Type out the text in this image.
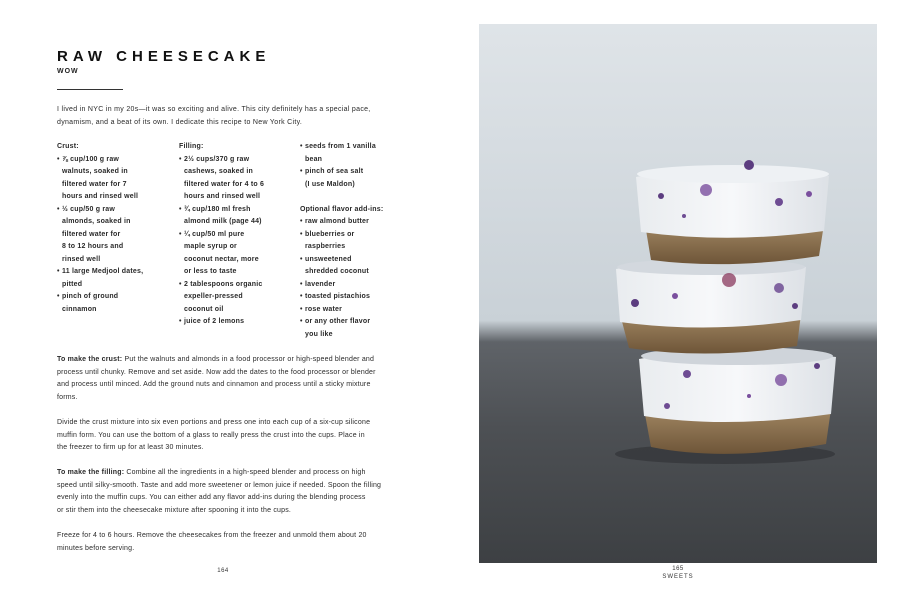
RAW CHEESECAKE
WOW
I lived in NYC in my 20s—it was so exciting and alive. This city definitely has a special pace,
dynamism, and a beat of its own. I dedicate this recipe to New York City.
Crust:
• ⅞ cup/100 g raw
walnuts, soaked in
filtered water for 7
hours and rinsed well
• ½ cup/50 g raw
almonds, soaked in
filtered water for
8 to 12 hours and
rinsed well
• 11 large Medjool dates,
pitted
• pinch of ground
cinnamon
Filling:
• 2½ cups/370 g raw
cashews, soaked in
filtered water for 4 to 6
hours and rinsed well
• ¾ cup/180 ml fresh
almond milk (page 44)
• ¼ cup/50 ml pure
maple syrup or
coconut nectar, more
or less to taste
• 2 tablespoons organic
expeller-pressed
coconut oil
• juice of 2 lemons
• seeds from 1 vanilla
bean
• pinch of sea salt
(I use Maldon)
Optional flavor add-ins:
• raw almond butter
• blueberries or
raspberries
• unsweetened
shredded coconut
• lavender
• toasted pistachios
• rose water
• or any other flavor
you like
To make the crust: Put the walnuts and almonds in a food processor or high-speed blender and
process until chunky. Remove and set aside. Now add the dates to the food processor or blender
and process until minced. Add the ground nuts and cinnamon and process until a sticky mixture
forms.
Divide the crust mixture into six even portions and press one into each cup of a six-cup silicone
muffin form. You can use the bottom of a glass to really press the crust into the cups. Place in
the freezer to firm up for at least 30 minutes.
To make the filling: Combine all the ingredients in a high-speed blender and process on high
speed until silky-smooth. Taste and add more sweetener or lemon juice if needed. Spoon the filling
evenly into the muffin cups. You can either add any flavor add-ins during the blending process
or stir them into the cheesecake mixture after spooning it into the cups.
Freeze for 4 to 6 hours. Remove the cheesecakes from the freezer and unmold them about 20
minutes before serving.
164	165
SWEETS
